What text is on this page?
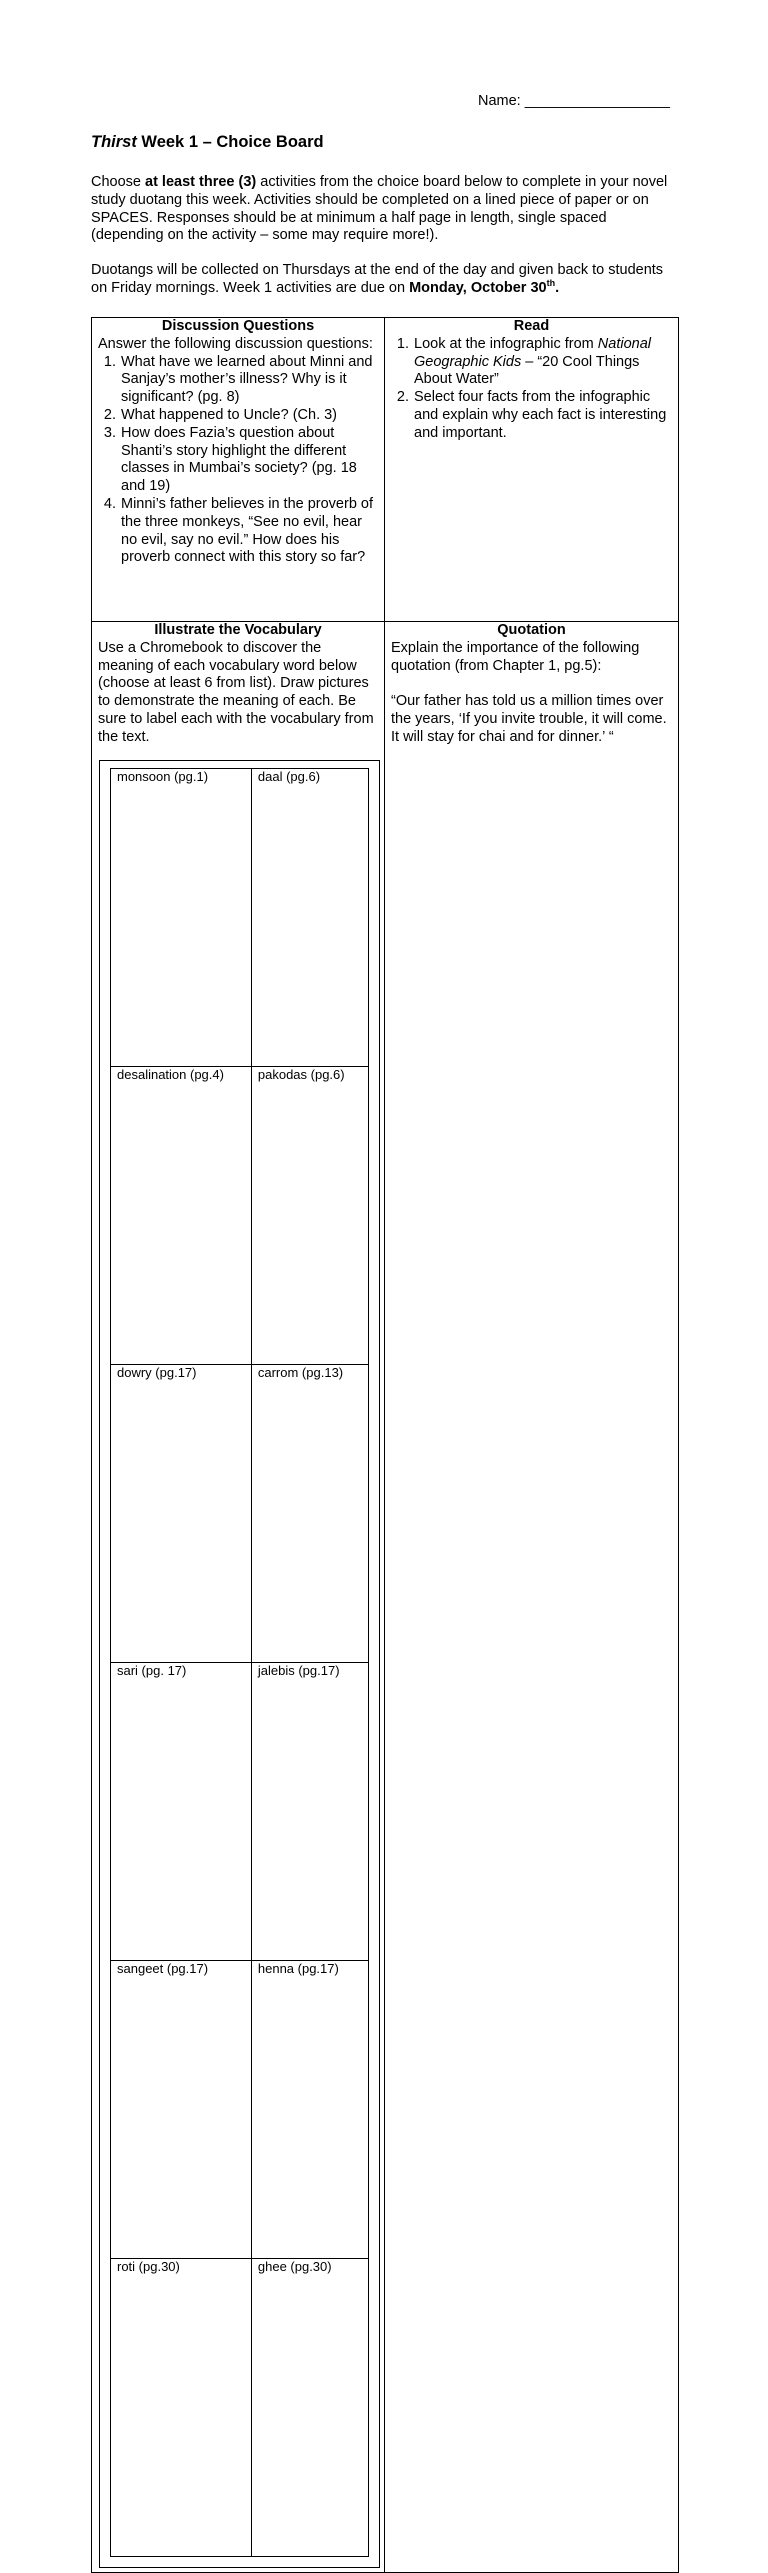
Name: __________________
Thirst Week 1 – Choice Board
Choose at least three (3) activities from the choice board below to complete in your novel study duotang this week. Activities should be completed on a lined piece of paper or on SPACES. Responses should be at minimum a half page in length, single spaced (depending on the activity – some may require more!).
Duotangs will be collected on Thursdays at the end of the day and given back to students on Friday mornings. Week 1 activities are due on Monday, October 30th.
Discussion Questions
Answer the following discussion questions:
1. What have we learned about Minni and Sanjay’s mother’s illness? Why is it significant? (pg. 8)
2. What happened to Uncle? (Ch. 3)
3. How does Fazia’s question about Shanti’s story highlight the different classes in Mumbai’s society? (pg. 18 and 19)
4. Minni’s father believes in the proverb of the three monkeys, “See no evil, hear no evil, say no evil.” How does his proverb connect with this story so far?

Read
1. Look at the infographic from National Geographic Kids – “20 Cool Things About Water”
2. Select four facts from the infographic and explain why each fact is interesting and important.

Illustrate the Vocabulary
Use a Chromebook to discover the meaning of each vocabulary word below (choose at least 6 from list). Draw pictures to demonstrate the meaning of each. Be sure to label each with the vocabulary from the text.
monsoon (pg.1)	daal (pg.6)
desalination (pg.4)	pakodas (pg.6)
dowry (pg.17)	carrom (pg.13)
sari (pg. 17)	jalebis (pg.17)
sangeet (pg.17)	henna (pg.17)
roti (pg.30)	ghee (pg.30)

Quotation
Explain the importance of the following quotation (from Chapter 1, pg.5):
“Our father has told us a million times over the years, ‘If you invite trouble, it will come. It will stay for chai and for dinner.’ “
